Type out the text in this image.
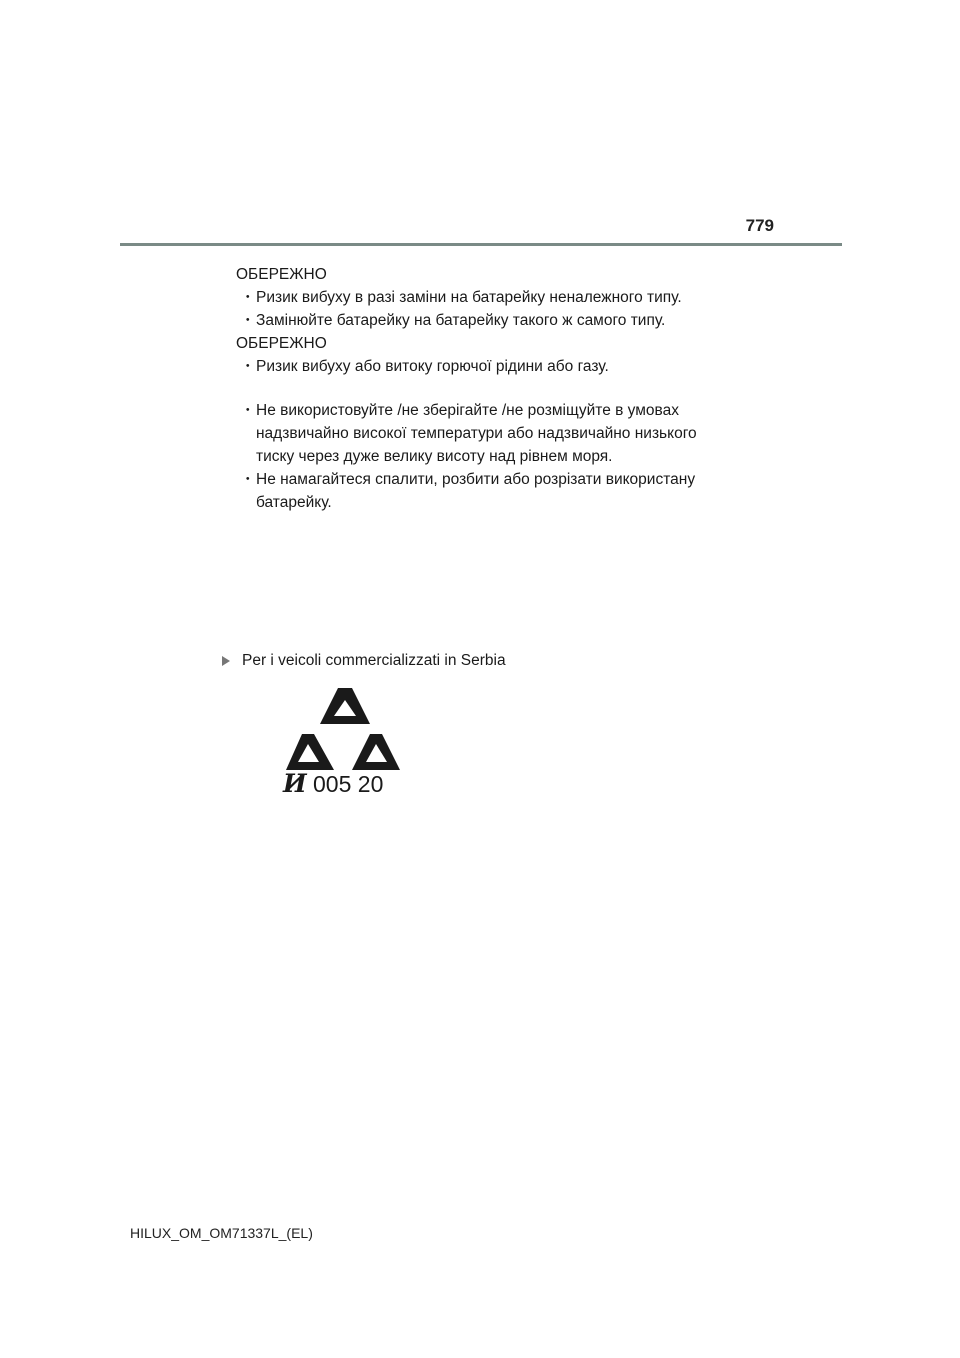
779

ОБЕРЕЖНО

・ Ризик вибуху в разі заміни на батарейку неналежного типу.

・ Замінюйте батарейку на батарейку такого ж самого типу.

ОБЕРЕЖНО

・ Ризик вибуху або витоку горючої рідини або газу.

・ Не використовуйте /не зберігайте /не розміщуйте в умовах надзвичайно високої температури або надзвичайно низького тиску через дуже велику висоту над рівнем моря.

・ Не намагайтеся спалити, розбити або розрізати використану батарейку.

Per i veicoli commercializzati in Serbia
И 005 20
HILUX_OM_OM71337L_(EL)
